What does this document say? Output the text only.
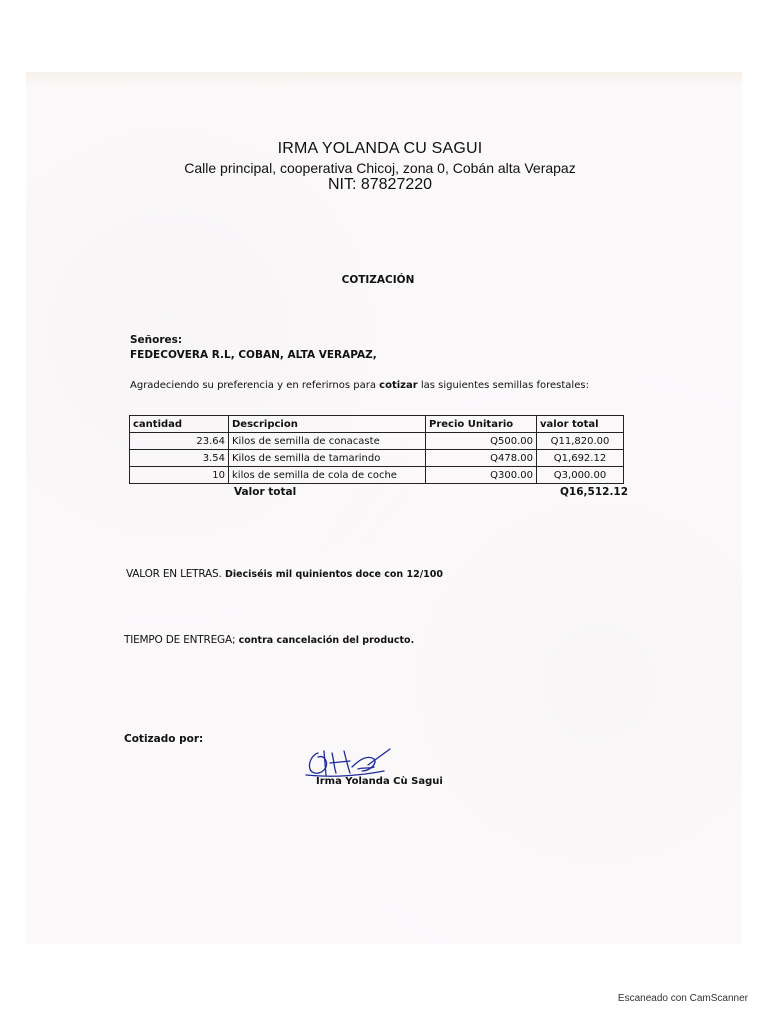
IRMA YOLANDA CU SAGUI
Calle principal, cooperativa Chicoj, zona 0, Cobán alta Verapaz
NIT: 87827220
COTIZACIÓN
Señores:
FEDECOVERA R.L, COBAN, ALTA VERAPAZ,
Agradeciendo su preferencia y en referirnos para cotizar las siguientes semillas forestales:
cantidad	Descripcion	Precio Unitario	valor total
23.64	Kilos de semilla de conacaste	Q500.00	Q11,820.00
3.54	Kilos de semilla de tamarindo	Q478.00	Q1,692.12
10	kilos de semilla de cola de coche	Q300.00	Q3,000.00
Valor total	Q16,512.12
VALOR EN LETRAS. Dieciséis mil quinientos doce con 12/100
TIEMPO DE ENTREGA; contra cancelación del producto.
Cotizado por:
Irma Yolanda Cù Sagui
Escaneado con CamScanner
